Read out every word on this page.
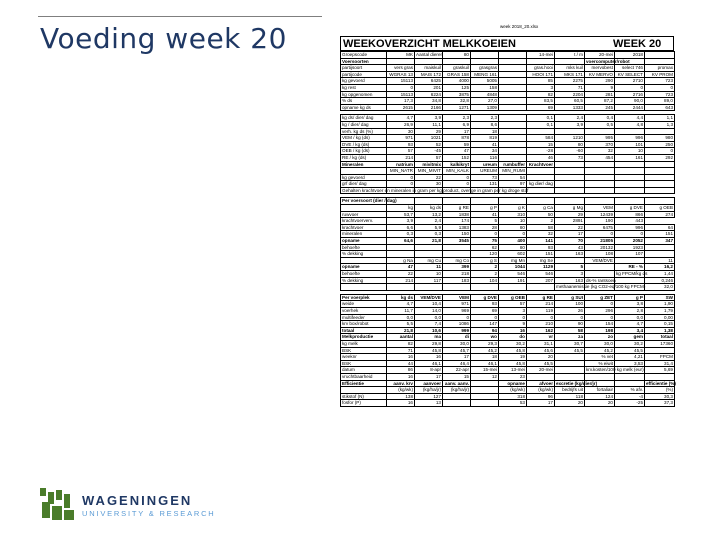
Voeding week 20	week 2018_20.xlsx
WEEKOVERZICHT MELKKOEIEN	WEEK 20
Groepscode	MK	Aantal dieren	80			14-mei	t / m	20-mei	2018	
Voersoorten								voercomputer/robot		
partijsoort	vers gras	maiskuil	graskuil	grasgras		gras.hooi	mks kuil	mervobest	select 746	promax
partijcode	WGRAS 13	MAIS 172	GRAS 158	MENG 161		HOOI 171	MKS 171	KV MERVO	KV SELECT	KV PROM
kg gevoerd	15113	6425	4000	5005		85	2275	290	2710	723
kg rest	0	201	125	158		3	71	9	0	0
kg opgenomen	15113	6224	3875	4848		82	2204	281	2716	723
% ds	17,3	34,8	32,8	27,0		83,5	60,5	87,2	90,0	89,0
opname kg ds	2615	2166	1271	1309		69	1333	245	2444	643
kg ds/ dier/ dag	4,7	3,9	2,3	2,3		0,1	2,4	0,4	4,4	1,1
kg / dier/ dag	26,9	11,1	6,9	8,6		0,1	3,9	0,5	4,8	1,3
verh. kg ds (%)	30	29	17	18						
VEM / kg (ds)	971	1021	878	819		584	1210	995	996	980
DVE / kg (ds)	93	52	59	41		15	80	370	101	250
OEB / kg (ds)	57	-45	47	34		-28	-60	32	10	0
RE / kg (ds)	214	57	152	116		46	73	454	161	292
Mineralen	natrium	mivitmix	kalkikryt	ureum	rumbuffer	Krachtvoer				
	MIN_NATR	MIN_MIVIT	MIN_KALK	UREUM	MIN_RUMI					
kg gevoerd	0	22	0	73	54					
grf dier/ dag	0	30	0	131	97	kg dier/ dag				
Gehalten krachtvoer en mineralen in gram per kg product, overige in gram per kg droge stof										
Per voersoort (dier / dag)										
	kg	kg ds	g RE	g P	g K	g Ca	g Mg	VEM	g DVE	g OEB
ruwvoer	53,7	13,2	1838	41	310	50	29	12439	866	274
krachtvoerverv.	3,9	2,4	174	5	10	2	2891	190	443	
krachtvoer	6,6	5,9	1383	28	80	58	22	6475	996	64
mineralen	0,3	0,3	150	0	0	32	17	0	0	151
opname	64,6	21,8	3545	75	400	141	70	21805	2052	347
behoefte				62	80	93	43	20132	1923	
% dekking				120	602	151	163	108	107	
	g Na	mg Cu	mg Co	g S	mg Mn	mg Se		VEM/DVE		11
opname	47	11	399	2	1044	1129	5		RE - %	16,2
behoefte	22	10	218	2	546	546	3		kg FPCM/kg ds	1,44
% dekking	214	117	183	104	191	207	163	ds-% rantsoen		0,246
							methaanemissie (kg CO2-eq/100 kg FPCM)			32,0
Per voerplek	kg ds	VEM/DVE	VEM	g DVE	g OEB	g RE	g SUI	g ZET	g P	SW
weide	4,7	10,4	971	93	57	214	100	0	3,8	1,90
voerhek	11,7	14,0	969	69	3	119	26	296	2,8	1,79
multifeeder	0,0	0,0	0	0	0	0	0	0	0,0	0,00
krv box/robot	5,5	7,4	1086	147	9	210	90	154	4,7	0,15
totaal	21,8	10,6	999	94	16	162	58	198	3,4	1,38
Melkproductie	aantal	ma	di	wo	do	vr	za	zo	gem	totaal
kg melk	82	29,8	30,0	29,3	30,2	31,1	30,7	30,0	30,2	17360
BSK	71	45,8	45,7	45,2	45,8	45,6	45,5	45,2	45,5	
weeknr	16	16	17	18	19	20		% vet	4,21	FPCM
BSK	44	46,1	46,4	46,1	45,8	45,5		% eiwit	3,53	31,4
datum	86	8-apr	22-apr	15-mei	13-mei	20-mei		krv.kosten/100 kg melk (eur)		5,69
vruchtbaarheid	16	17	15	12	23					
Efficientie	aanv. krv	aanvoer	aanv. aanv.		opname	afvoer	excretie (kg/dier/jr)			efficientie (%)
	(kg/wk)	(kg/ha/jr)	(kg/ha/jr)		(kg/wk)	(kg/wk)	bedrijfs uit	fortaliair	% afv.	(%)
stikstof (N)	138	127			318	96	118	124	-4	30,3
fosfor (P)	16	13			53	17	20	20	-25	37,3
WAGENINGEN
UNIVERSITY & RESEARCH
